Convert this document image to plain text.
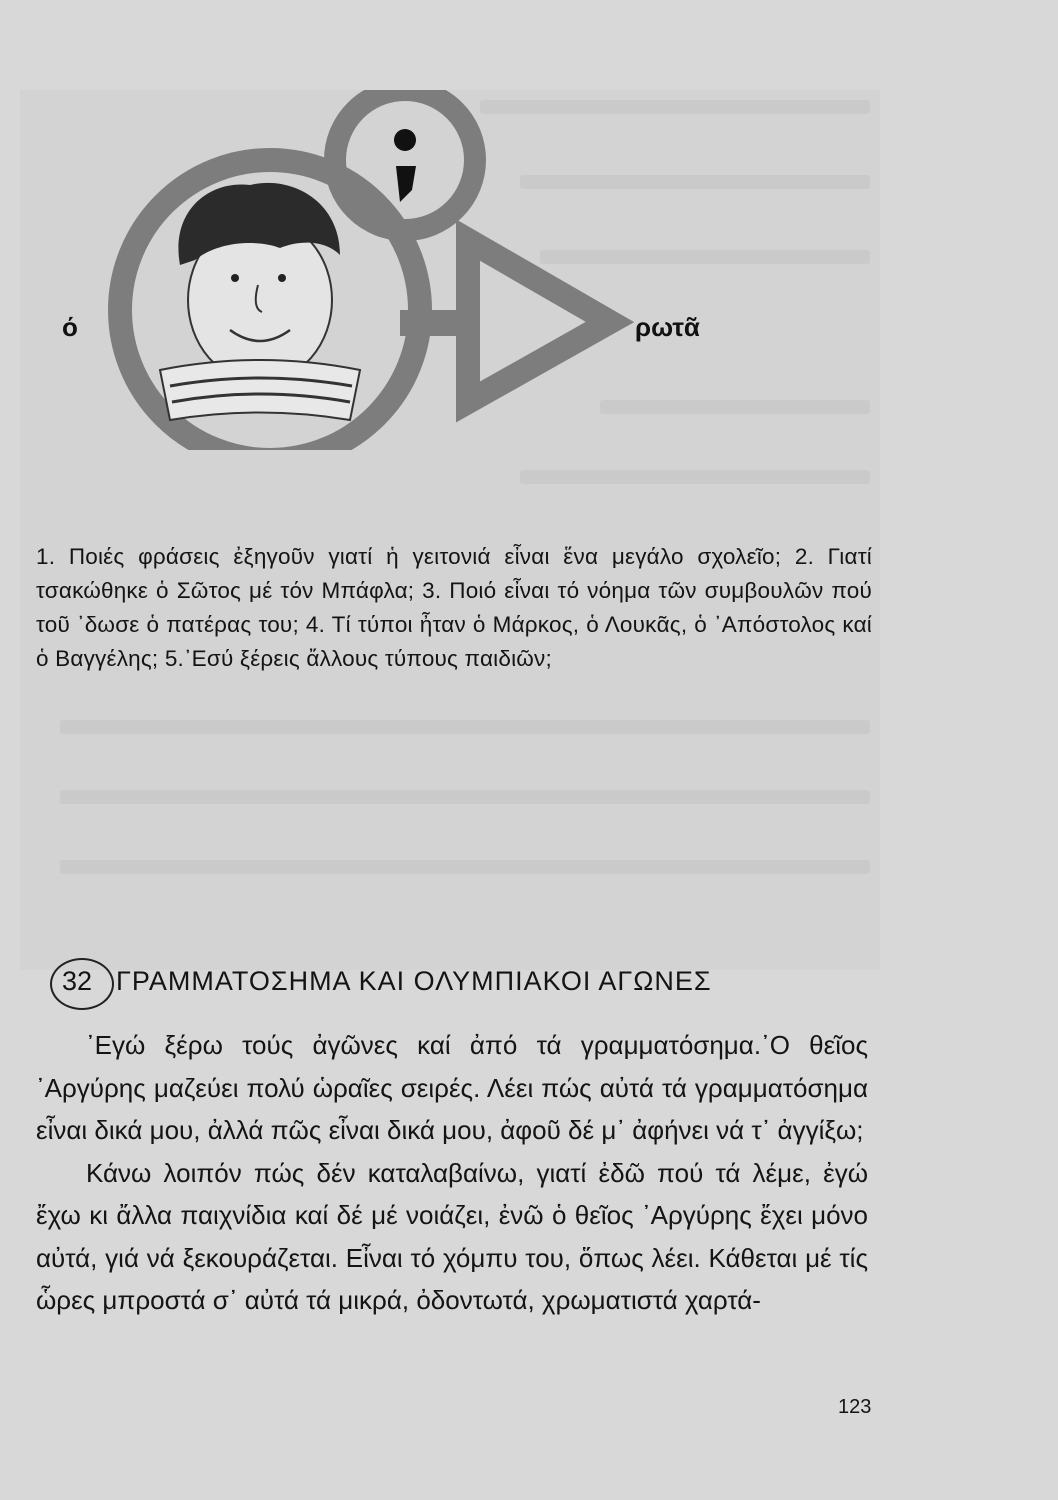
ό	ρωτᾶ

1. Ποιές φράσεις ἐξηγοῦν γιατί ἡ γειτονιά εἶναι ἕνα μεγάλο σχολεῖο; 2. Γιατί τσακώθηκε ὁ Σῶτος μέ τόν Μπάφλα; 3. Ποιό εἶναι τό νόημα τῶν συμβουλῶν πού τοῦ ᾽δωσε ὁ πατέρας του; 4. Τί τύποι ἦταν ὁ Μάρκος, ὁ Λουκᾶς, ὁ ᾽Απόστολος καί ὁ Βαγγέλης; 5.᾽Εσύ ξέρεις ἄλλους τύπους παιδιῶν;

32 ΓΡΑΜΜΑΤΟΣΗΜΑ ΚΑΙ ΟΛΥΜΠΙΑΚΟΙ ΑΓΩΝΕΣ

᾽Εγώ ξέρω τούς ἀγῶνες καί ἀπό τά γραμματόσημα.᾽Ο θεῖος ᾽Αργύρης μαζεύει πολύ ὡραῖες σειρές. Λέει πώς αὐτά τά γραμματόσημα εἶναι δικά μου, ἀλλά πῶς εἶναι δικά μου, ἀφοῦ δέ μ᾽ ἀφήνει νά τ᾽ ἀγγίξω;

Κάνω λοιπόν πώς δέν καταλαβαίνω, γιατί ἐδῶ πού τά λέμε, ἐγώ ἔχω κι ἄλλα παιχνίδια καί δέ μέ νοιάζει, ἐνῶ ὁ θεῖος ᾽Αργύρης ἔχει μόνο αὐτά, γιά νά ξεκουράζεται. Εἶναι τό χόμπυ του, ὅπως λέει. Κάθεται μέ τίς ὧρες μπροστά σ᾽ αὐτά τά μικρά, ὀδοντωτά, χρωματιστά χαρτά-

123
